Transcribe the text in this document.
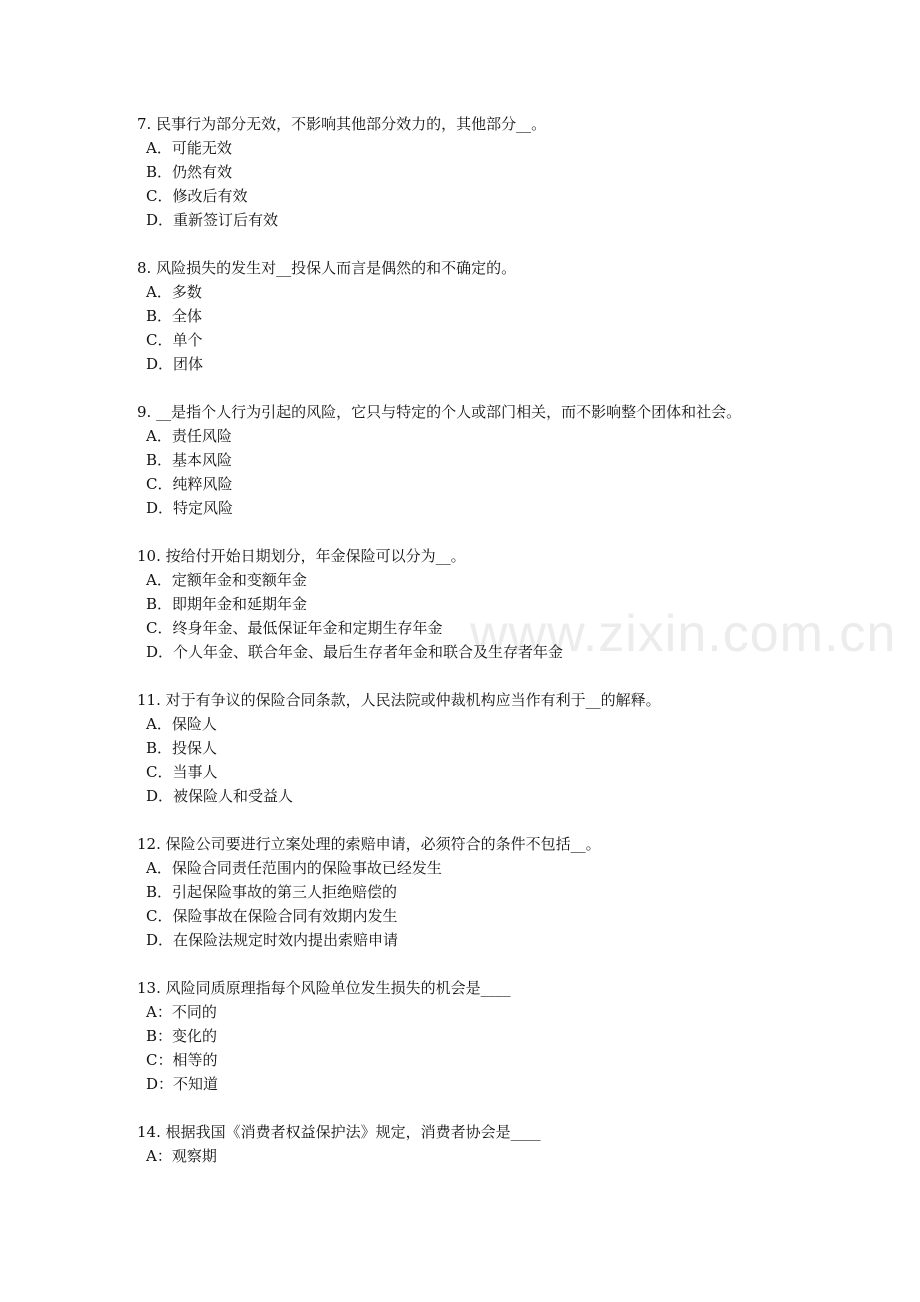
www.zixin.com.cn
7. 民事行为部分无效，不影响其他部分效力的，其他部分__。
A．可能无效
B．仍然有效
C．修改后有效
D．重新签订后有效
8. 风险损失的发生对__投保人而言是偶然的和不确定的。
A．多数
B．全体
C．单个
D．团体
9. __是指个人行为引起的风险，它只与特定的个人或部门相关，而不影响整个团体和社会。
A．责任风险
B．基本风险
C．纯粹风险
D．特定风险
10. 按给付开始日期划分，年金保险可以分为__。
A．定额年金和变额年金
B．即期年金和延期年金
C．终身年金、最低保证年金和定期生存年金
D．个人年金、联合年金、最后生存者年金和联合及生存者年金
11. 对于有争议的保险合同条款，人民法院或仲裁机构应当作有利于__的解释。
A．保险人
B．投保人
C．当事人
D．被保险人和受益人
12. 保险公司要进行立案处理的索赔申请，必须符合的条件不包括__。
A．保险合同责任范围内的保险事故已经发生
B．引起保险事故的第三人拒绝赔偿的
C．保险事故在保险合同有效期内发生
D．在保险法规定时效内提出索赔申请
13. 风险同质原理指每个风险单位发生损失的机会是____
A：不同的
B：变化的
C：相等的
D：不知道
14. 根据我国《消费者权益保护法》规定，消费者协会是____
A：观察期
